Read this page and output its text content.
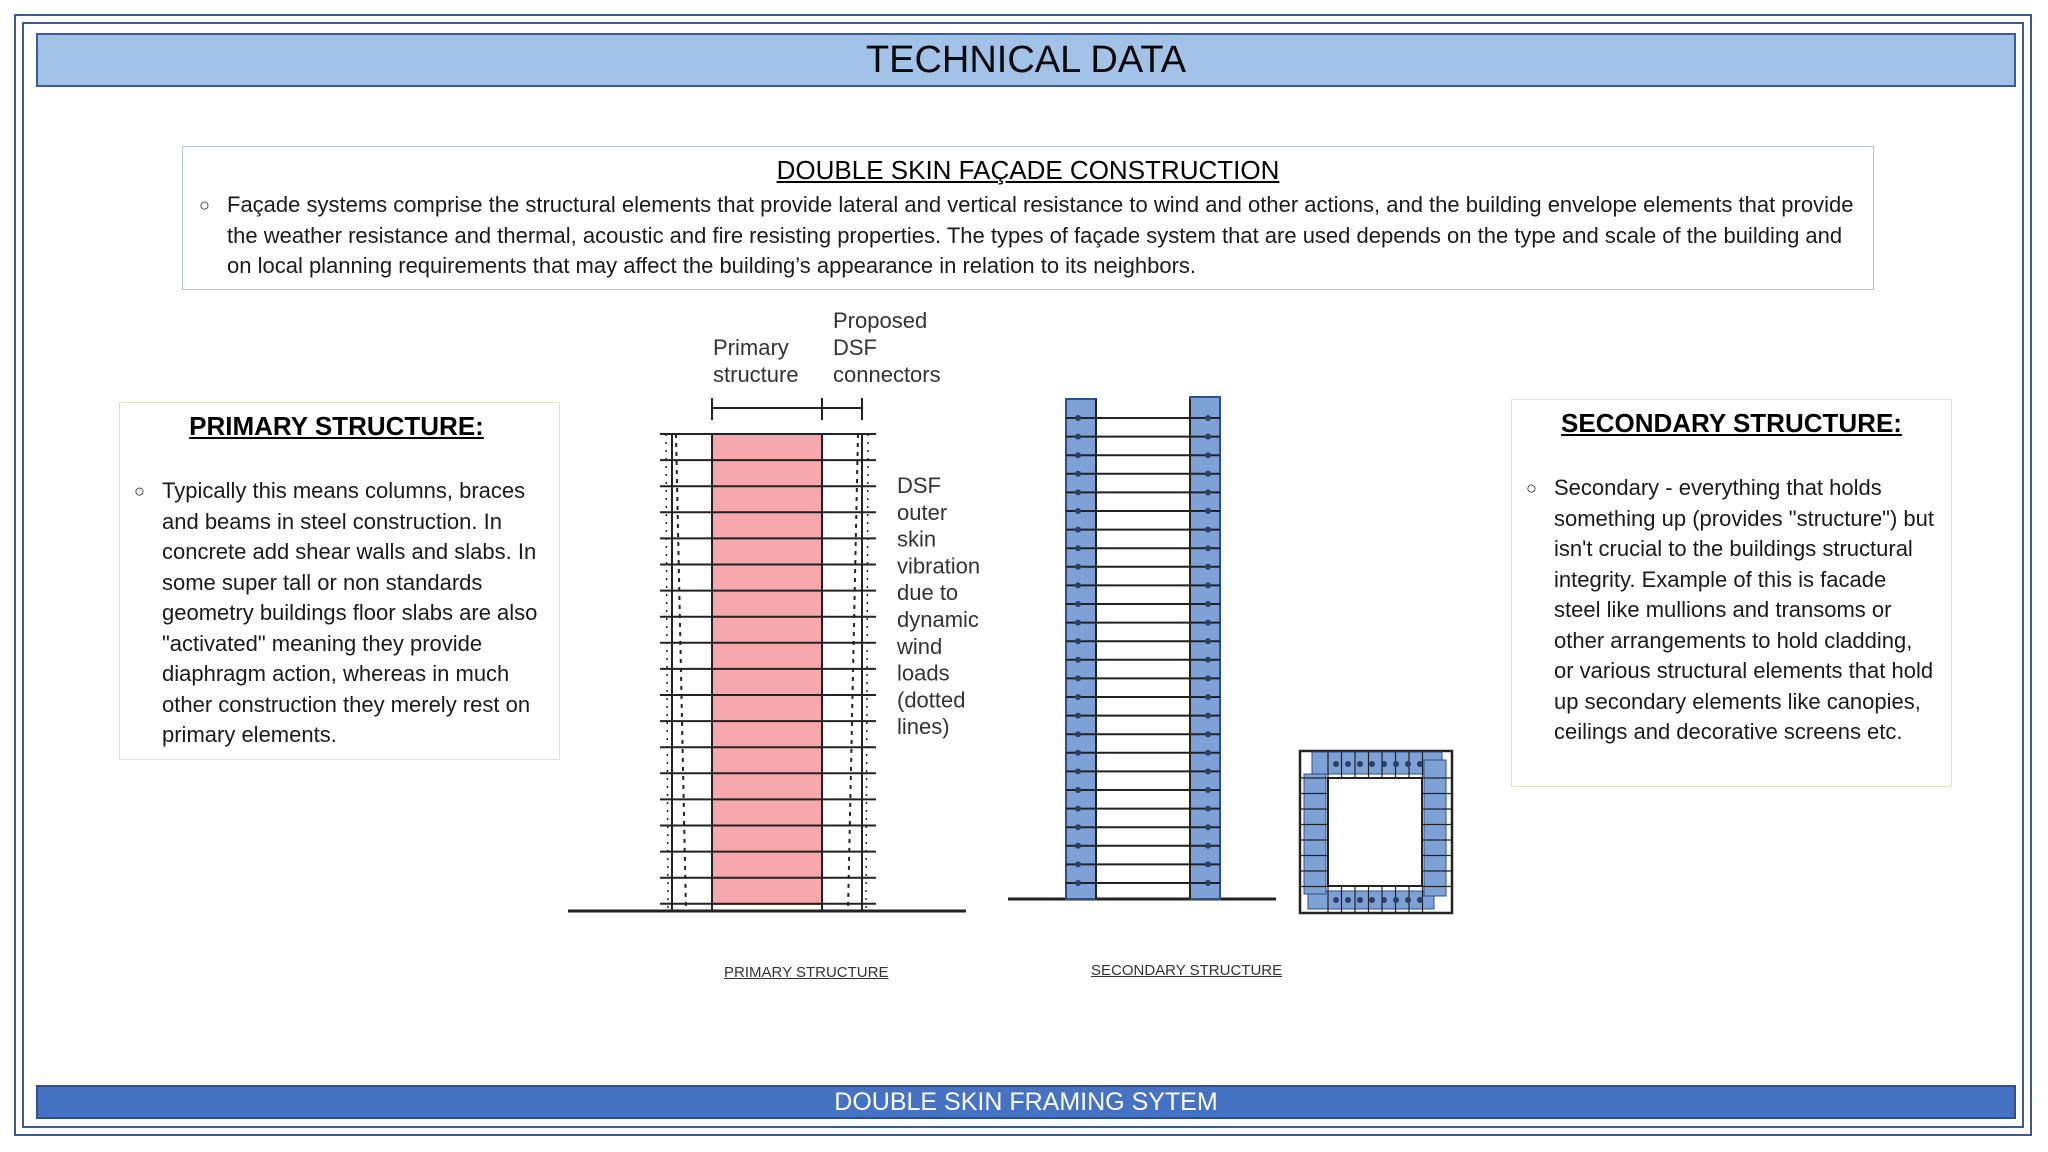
TECHNICAL DATA
DOUBLE SKIN FAÇADE CONSTRUCTION
○ Façade systems comprise the structural elements that provide lateral and vertical resistance to wind and other actions, and the building envelope elements that provide the weather resistance and thermal, acoustic and fire resisting properties. The types of façade system that are used depends on the type and scale of the building and on local planning requirements that may affect the building’s appearance in relation to its neighbors.
PRIMARY STRUCTURE:
○ Typically this means columns, braces and beams in steel construction. In concrete add shear walls and slabs. In some super tall or non standards geometry buildings floor slabs are also "activated" meaning they provide diaphragm action, whereas in much other construction they merely rest on primary elements.
SECONDARY STRUCTURE:
○ Secondary - everything that holds something up (provides "structure") but isn't crucial to the buildings structural integrity. Example of this is facade steel like mullions and transoms or other arrangements to hold cladding, or various structural elements that hold up secondary elements like canopies, ceilings and decorative screens etc.
Primary
structure
Proposed
DSF
connectors
DSF
outer
skin
vibration
due to
dynamic
wind
loads
(dotted
lines)
PRIMARY STRUCTURE	SECONDARY STRUCTURE
DOUBLE SKIN FRAMING SYTEM
